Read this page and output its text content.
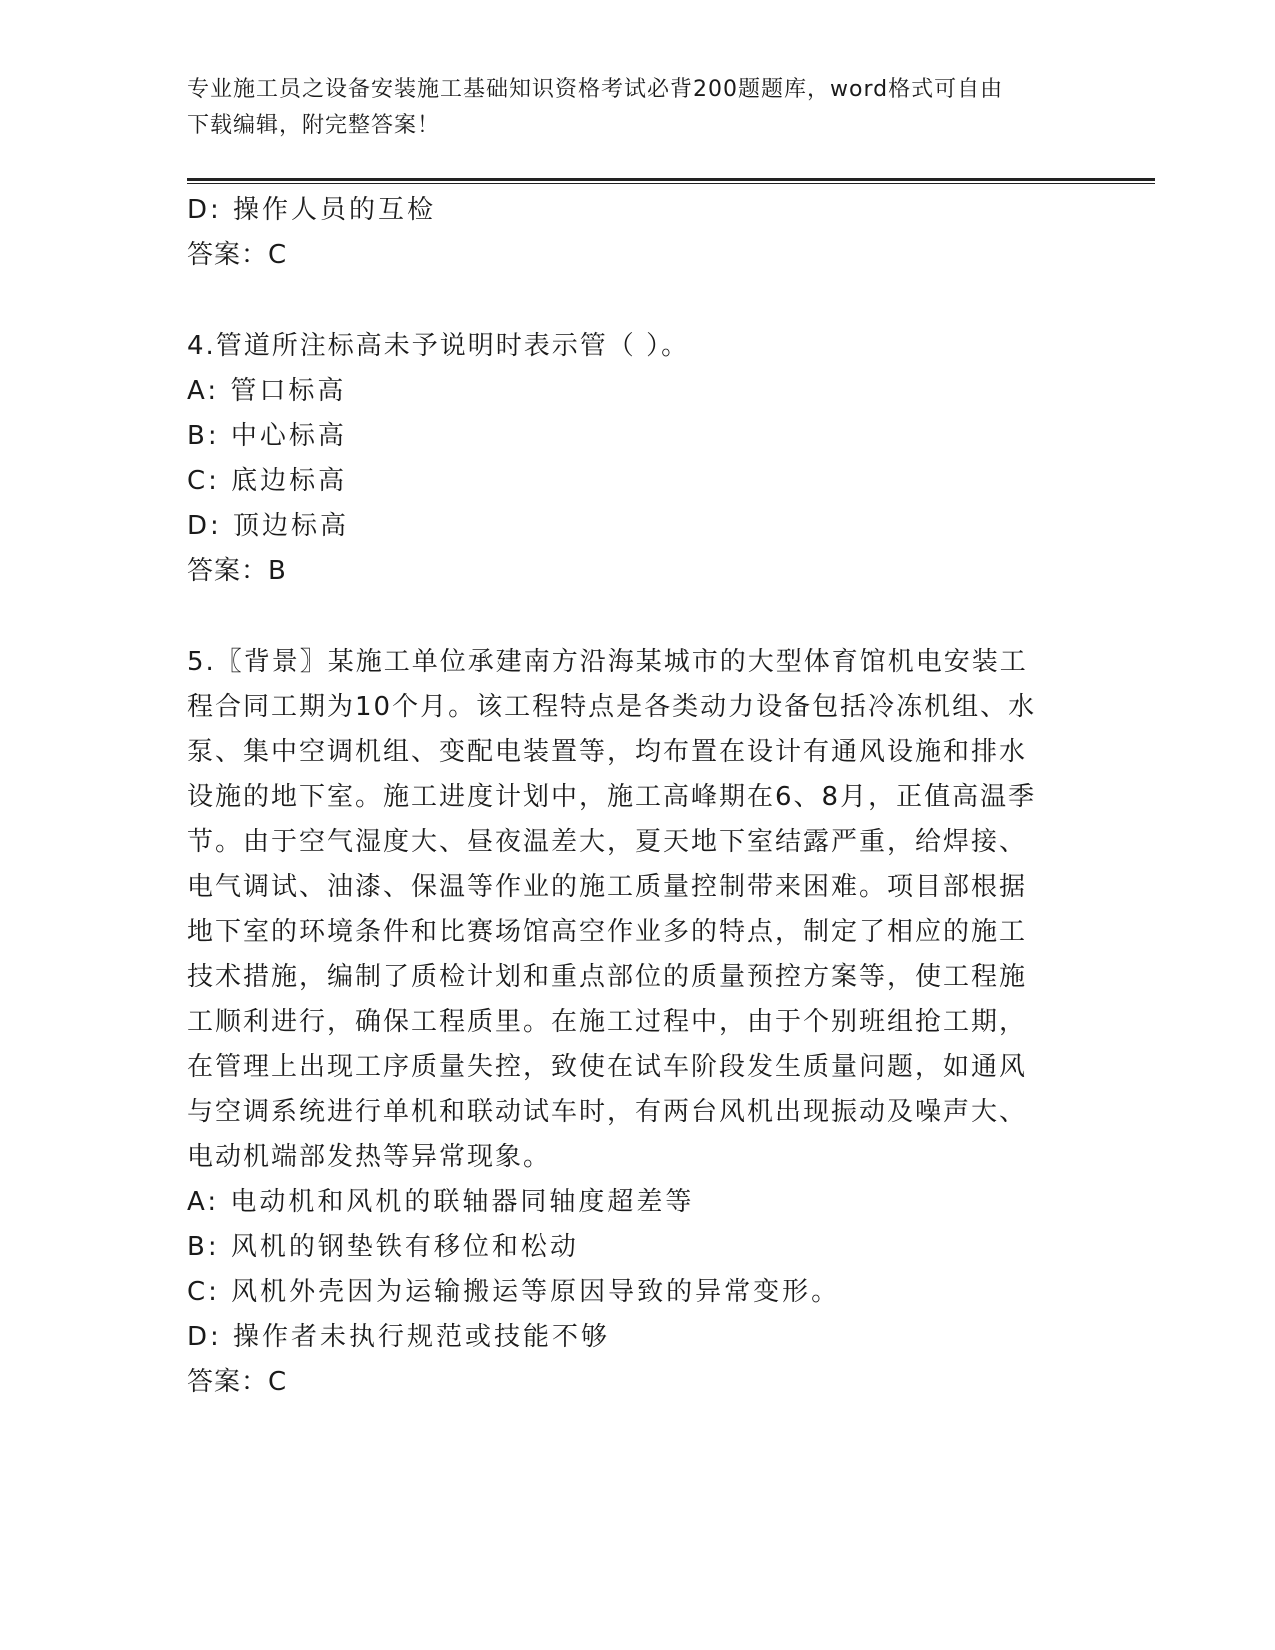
专业施工员之设备安装施工基础知识资格考试必背200题题库，word格式可自由
下载编辑，附完整答案！
D: 操作人员的互检
答案：C
4.管道所注标高未予说明时表示管（ ）。
A: 管口标高
B: 中心标高
C: 底边标高
D: 顶边标高
答案：B
5.〖背景〗某施工单位承建南方沿海某城市的大型体育馆机电安装工
程合同工期为10个月。该工程特点是各类动力设备包括冷冻机组、水
泵、集中空调机组、变配电装置等，均布置在设计有通风设施和排水
设施的地下室。施工进度计划中，施工高峰期在6、8月，正值高温季
节。由于空气湿度大、昼夜温差大，夏天地下室结露严重，给焊接、
电气调试、油漆、保温等作业的施工质量控制带来困难。项目部根据
地下室的环境条件和比赛场馆高空作业多的特点，制定了相应的施工
技术措施，编制了质检计划和重点部位的质量预控方案等，使工程施
工顺利进行，确保工程质里。在施工过程中，由于个别班组抢工期，
在管理上出现工序质量失控，致使在试车阶段发生质量问题，如通风
与空调系统进行单机和联动试车时，有两台风机出现振动及噪声大、
电动机端部发热等异常现象。
A: 电动机和风机的联轴器同轴度超差等
B: 风机的钢垫铁有移位和松动
C: 风机外壳因为运输搬运等原因导致的异常变形。
D: 操作者未执行规范或技能不够
答案：C
